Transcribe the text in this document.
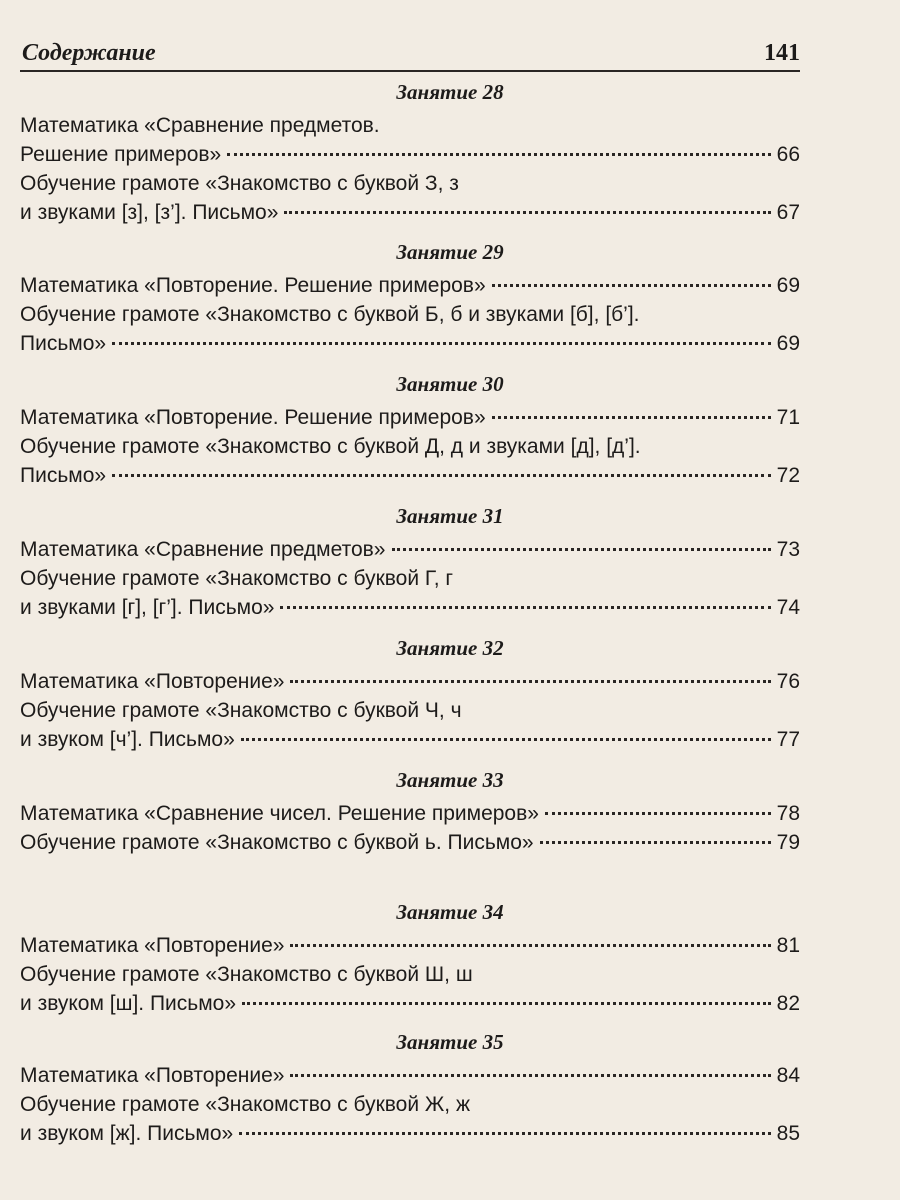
Содержание	141
Занятие 28
Математика «Сравнение предметов.
Решение примеров»	66
Обучение грамоте «Знакомство с буквой З, з
и звуками [з], [з’]. Письмо»	67
Занятие 29
Математика «Повторение. Решение примеров»	69
Обучение грамоте «Знакомство с буквой Б, б и звуками [б], [б’].
Письмо»	69
Занятие 30
Математика «Повторение. Решение примеров»	71
Обучение грамоте «Знакомство с буквой Д, д и звуками [д], [д’].
Письмо»	72
Занятие 31
Математика «Сравнение предметов»	73
Обучение грамоте «Знакомство с буквой Г, г
и звуками [г], [г’]. Письмо»	74
Занятие 32
Математика «Повторение»	76
Обучение грамоте «Знакомство с буквой Ч, ч
и звуком [ч’]. Письмо»	77
Занятие 33
Математика «Сравнение чисел. Решение примеров»	78
Обучение грамоте «Знакомство с буквой ь. Письмо»	79
Занятие 34
Математика «Повторение»	81
Обучение грамоте «Знакомство с буквой Ш, ш
и звуком [ш]. Письмо»	82
Занятие 35
Математика «Повторение»	84
Обучение грамоте «Знакомство с буквой Ж, ж
и звуком [ж]. Письмо»	85
